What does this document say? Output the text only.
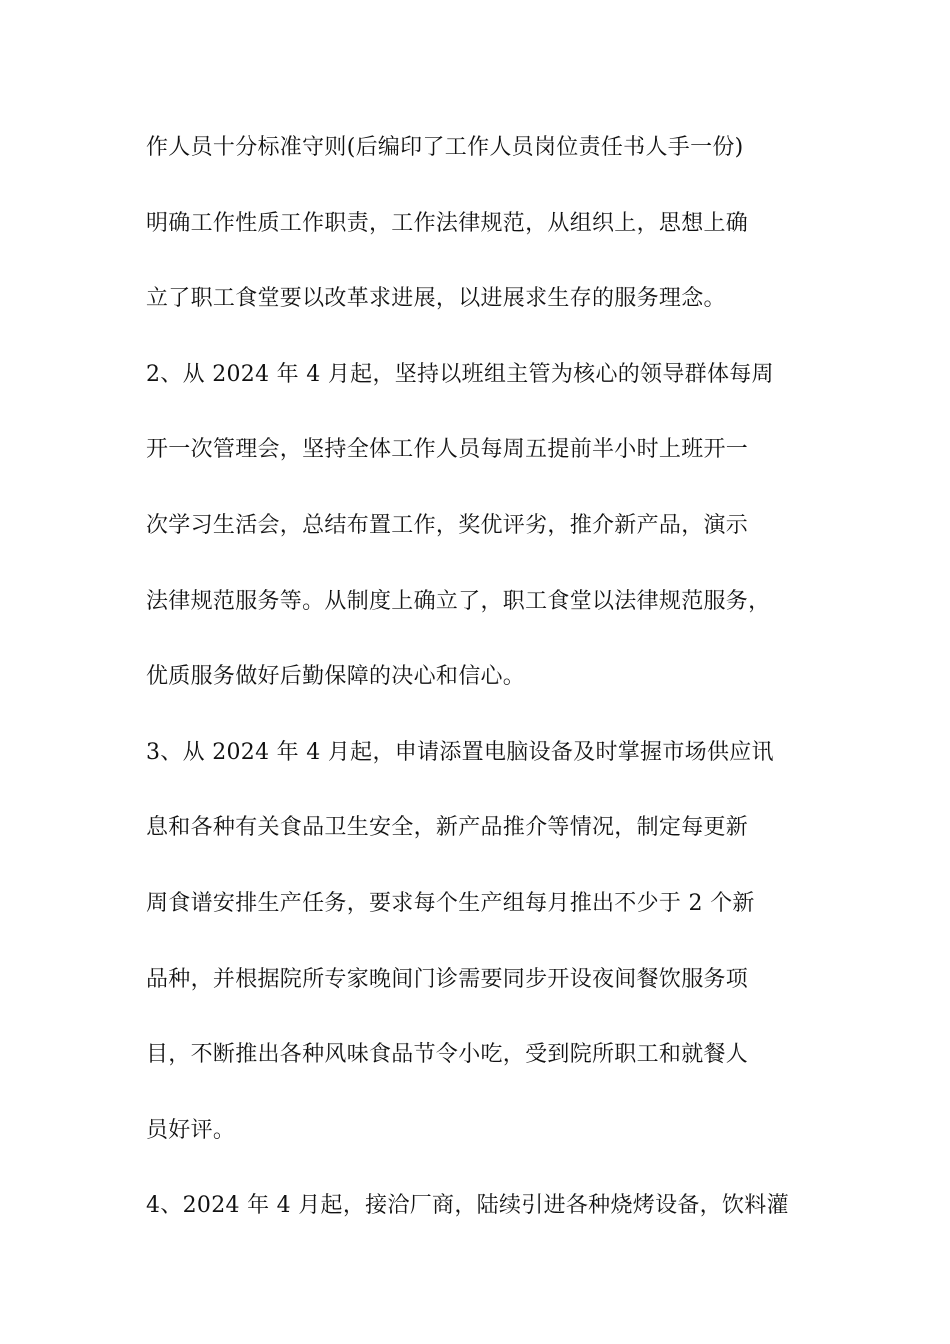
作人员十分标准守则(后编印了工作人员岗位责任书人手一份)
明确工作性质工作职责，工作法律规范，从组织上，思想上确
立了职工食堂要以改革求进展，以进展求生存的服务理念。
2、从 2024 年 4 月起，坚持以班组主管为核心的领导群体每周
开一次管理会，坚持全体工作人员每周五提前半小时上班开一
次学习生活会，总结布置工作，奖优评劣，推介新产品，演示
法律规范服务等。从制度上确立了，职工食堂以法律规范服务，
优质服务做好后勤保障的决心和信心。
3、从 2024 年 4 月起，申请添置电脑设备及时掌握市场供应讯
息和各种有关食品卫生安全，新产品推介等情况，制定每更新
周食谱安排生产任务，要求每个生产组每月推出不少于 2 个新
品种，并根据院所专家晚间门诊需要同步开设夜间餐饮服务项
目，不断推出各种风味食品节令小吃，受到院所职工和就餐人
员好评。
4、2024 年 4 月起，接洽厂商，陆续引进各种烧烤设备，饮料灌
